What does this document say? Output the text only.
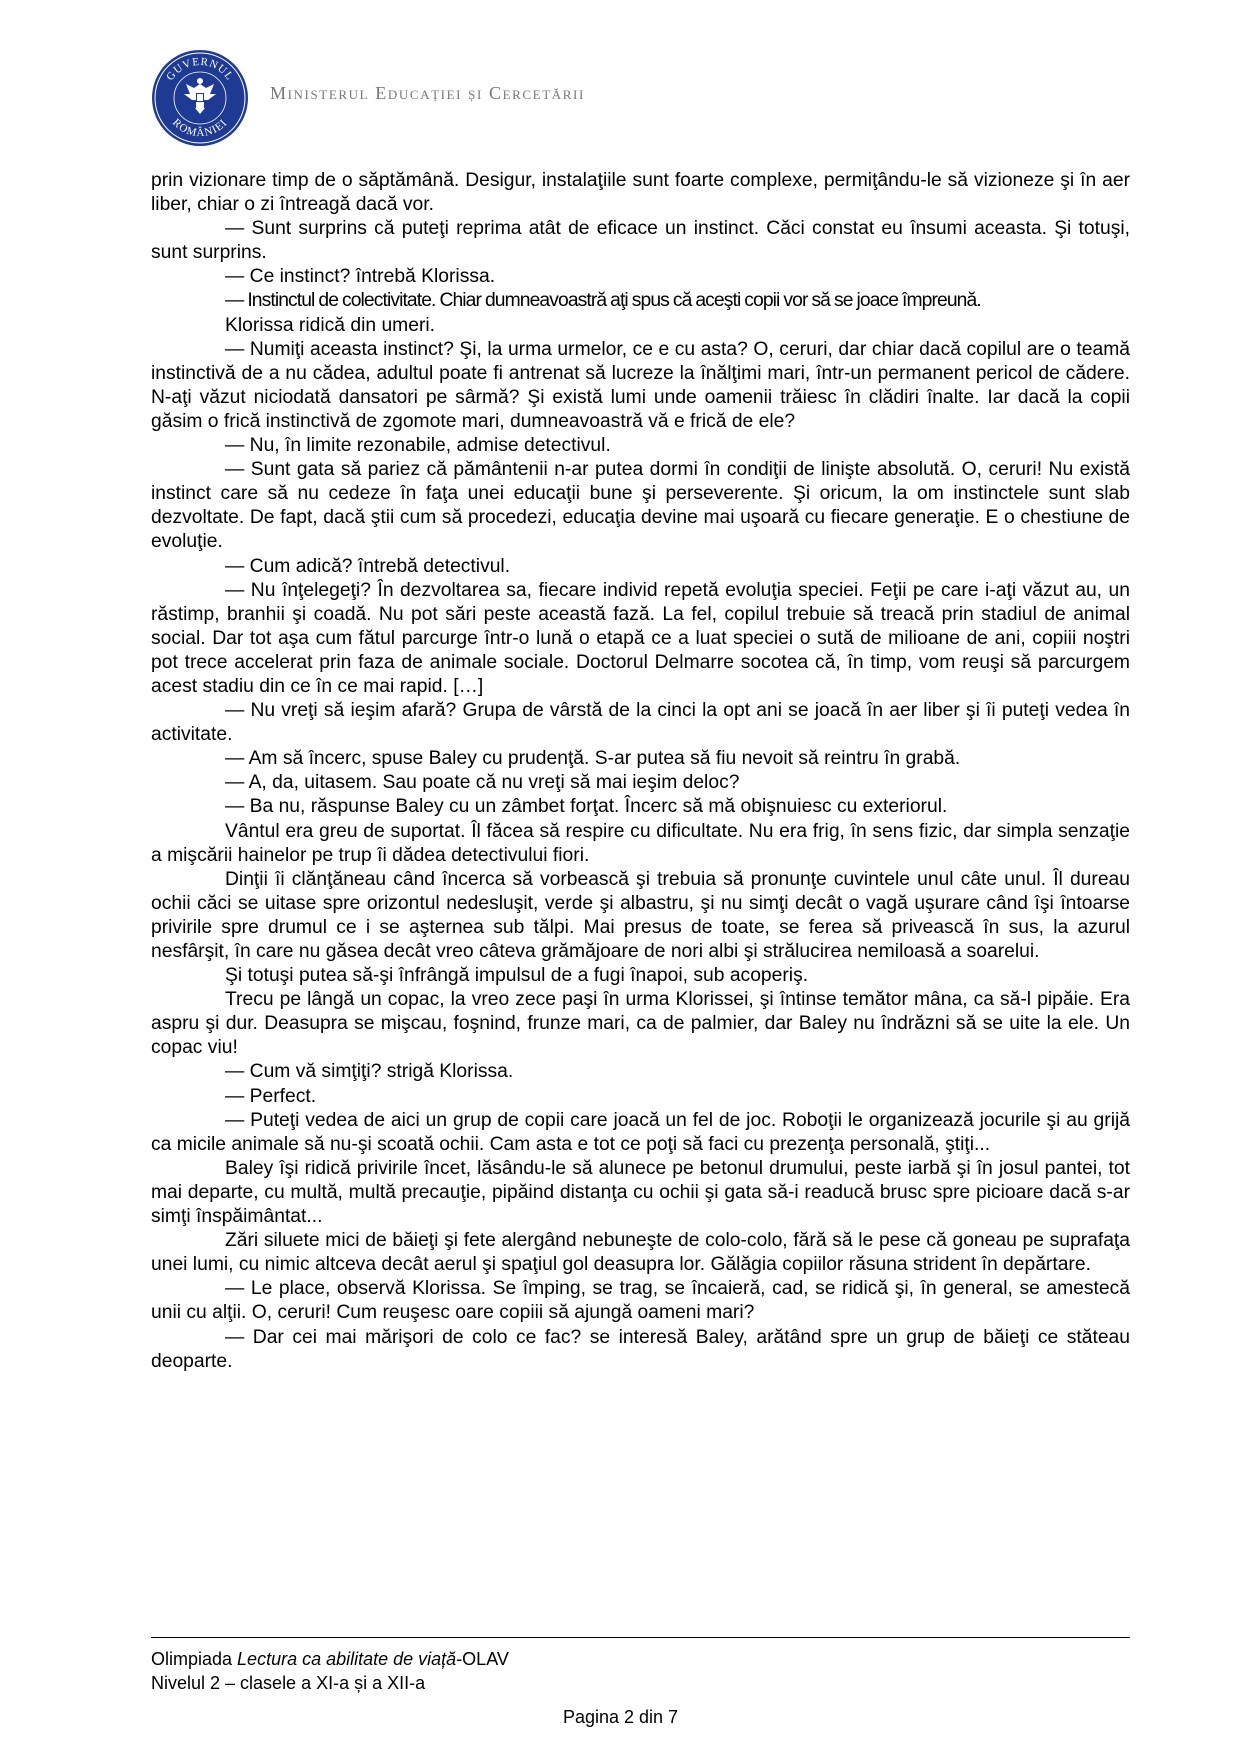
GUVERNUL
ROMÂNIEI
Ministerul Educației și Cercetării

prin vizionare timp de o săptămână. Desigur, instalaţiile sunt foarte complexe, permiţându-le să vizioneze şi în aer liber, chiar o zi întreagă dacă vor.

— Sunt surprins că puteţi reprima atât de eficace un instinct. Căci constat eu însumi aceasta. Şi totuşi, sunt surprins.

— Ce instinct? întrebă Klorissa.

— Instinctul de colectivitate. Chiar dumneavoastră aţi spus că aceşti copii vor să se joace împreună.

Klorissa ridică din umeri.

— Numiţi aceasta instinct? Şi, la urma urmelor, ce e cu asta? O, ceruri, dar chiar dacă copilul are o teamă instinctivă de a nu cădea, adultul poate fi antrenat să lucreze la înălţimi mari, într-un permanent pericol de cădere. N-aţi văzut niciodată dansatori pe sârmă? Şi există lumi unde oamenii trăiesc în clădiri înalte. Iar dacă la copii găsim o frică instinctivă de zgomote mari, dumneavoastră vă e frică de ele?

— Nu, în limite rezonabile, admise detectivul.

— Sunt gata să pariez că pământenii n-ar putea dormi în condiţii de linişte absolută. O, ceruri! Nu există instinct care să nu cedeze în faţa unei educaţii bune şi perseverente. Şi oricum, la om instinctele sunt slab dezvoltate. De fapt, dacă ştii cum să procedezi, educaţia devine mai uşoară cu fiecare generaţie. E o chestiune de evoluţie.

— Cum adică? întrebă detectivul.

— Nu înţelegeţi? În dezvoltarea sa, fiecare individ repetă evoluţia speciei. Feţii pe care i-aţi văzut au, un răstimp, branhii şi coadă. Nu pot sări peste această fază. La fel, copilul trebuie să treacă prin stadiul de animal social. Dar tot aşa cum fătul parcurge într-o lună o etapă ce a luat speciei o sută de milioane de ani, copiii noştri pot trece accelerat prin faza de animale sociale. Doctorul Delmarre socotea că, în timp, vom reuşi să parcurgem acest stadiu din ce în ce mai rapid. […]

— Nu vreţi să ieşim afară? Grupa de vârstă de la cinci la opt ani se joacă în aer liber şi îi puteţi vedea în activitate.

— Am să încerc, spuse Baley cu prudenţă. S-ar putea să fiu nevoit să reintru în grabă.

— A, da, uitasem. Sau poate că nu vreţi să mai ieşim deloc?

— Ba nu, răspunse Baley cu un zâmbet forţat. Încerc să mă obişnuiesc cu exteriorul.

Vântul era greu de suportat. Îl făcea să respire cu dificultate. Nu era frig, în sens fizic, dar simpla senzaţie a mişcării hainelor pe trup îi dădea detectivului fiori.

Dinţii îi clănţăneau când încerca să vorbească şi trebuia să pronunţe cuvintele unul câte unul. Îl dureau ochii căci se uitase spre orizontul nedesluşit, verde şi albastru, şi nu simţi decât o vagă uşurare când îşi întoarse privirile spre drumul ce i se aşternea sub tălpi. Mai presus de toate, se ferea să privească în sus, la azurul nesfârşit, în care nu găsea decât vreo câteva grămăjoare de nori albi şi strălucirea nemiloasă a soarelui.

Şi totuşi putea să-şi înfrângă impulsul de a fugi înapoi, sub acoperiş.

Trecu pe lângă un copac, la vreo zece paşi în urma Klorissei, şi întinse temător mâna, ca să-l pipăie. Era aspru şi dur. Deasupra se mişcau, foşnind, frunze mari, ca de palmier, dar Baley nu îndrăzni să se uite la ele. Un copac viu!

— Cum vă simţiţi? strigă Klorissa.

— Perfect.

— Puteţi vedea de aici un grup de copii care joacă un fel de joc. Roboţii le organizează jocurile şi au grijă ca micile animale să nu-şi scoată ochii. Cam asta e tot ce poţi să faci cu prezenţa personală, ştiţi...

Baley îşi ridică privirile încet, lăsându-le să alunece pe betonul drumului, peste iarbă şi în josul pantei, tot mai departe, cu multă, multă precauţie, pipăind distanţa cu ochii şi gata să-i readucă brusc spre picioare dacă s-ar simţi înspăimântat...

Zări siluete mici de băieţi şi fete alergând nebuneşte de colo-colo, fără să le pese că goneau pe suprafaţa unei lumi, cu nimic altceva decât aerul şi spaţiul gol deasupra lor. Gălăgia copiilor răsuna strident în depărtare.

— Le place, observă Klorissa. Se împing, se trag, se încaieră, cad, se ridică şi, în general, se amestecă unii cu alţii. O, ceruri! Cum reuşesc oare copiii să ajungă oameni mari?

— Dar cei mai mărişori de colo ce fac? se interesă Baley, arătând spre un grup de băieţi ce stăteau deoparte.

Olimpiada Lectura ca abilitate de viață-OLAV
Nivelul 2 – clasele a XI-a și a XII-a
Pagina 2 din 7
